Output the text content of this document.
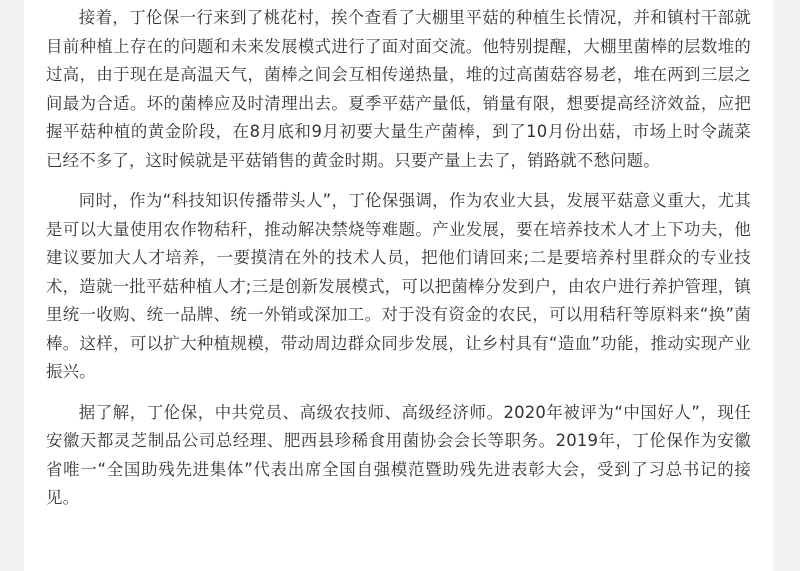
接着，丁伦保一行来到了桃花村，挨个查看了大棚里平菇的种植生长情况，并和镇村干部就目前种植上存在的问题和未来发展模式进行了面对面交流。他特别提醒，大棚里菌棒的层数堆的过高，由于现在是高温天气，菌棒之间会互相传递热量，堆的过高菌菇容易老，堆在两到三层之间最为合适。坏的菌棒应及时清理出去。夏季平菇产量低，销量有限，想要提高经济效益，应把握平菇种植的黄金阶段，在8月底和9月初要大量生产菌棒，到了10月份出菇，市场上时令蔬菜已经不多了，这时候就是平菇销售的黄金时期。只要产量上去了，销路就不愁问题。

同时，作为“科技知识传播带头人”，丁伦保强调，作为农业大县，发展平菇意义重大，尤其是可以大量使用农作物秸秆，推动解决禁烧等难题。产业发展，要在培养技术人才上下功夫，他建议要加大人才培养，一要摸清在外的技术人员，把他们请回来;二是要培养村里群众的专业技术，造就一批平菇种植人才;三是创新发展模式，可以把菌棒分发到户，由农户进行养护管理，镇里统一收购、统一品牌、统一外销或深加工。对于没有资金的农民，可以用秸秆等原料来“换”菌棒。这样，可以扩大种植规模，带动周边群众同步发展，让乡村具有“造血”功能，推动实现产业振兴。

据了解，丁伦保，中共党员、高级农技师、高级经济师。2020年被评为“中国好人”，现任安徽天都灵芝制品公司总经理、肥西县珍稀食用菌协会会长等职务。2019年，丁伦保作为安徽省唯一“全国助残先进集体”代表出席全国自强模范暨助残先进表彰大会，受到了习总书记的接见。
